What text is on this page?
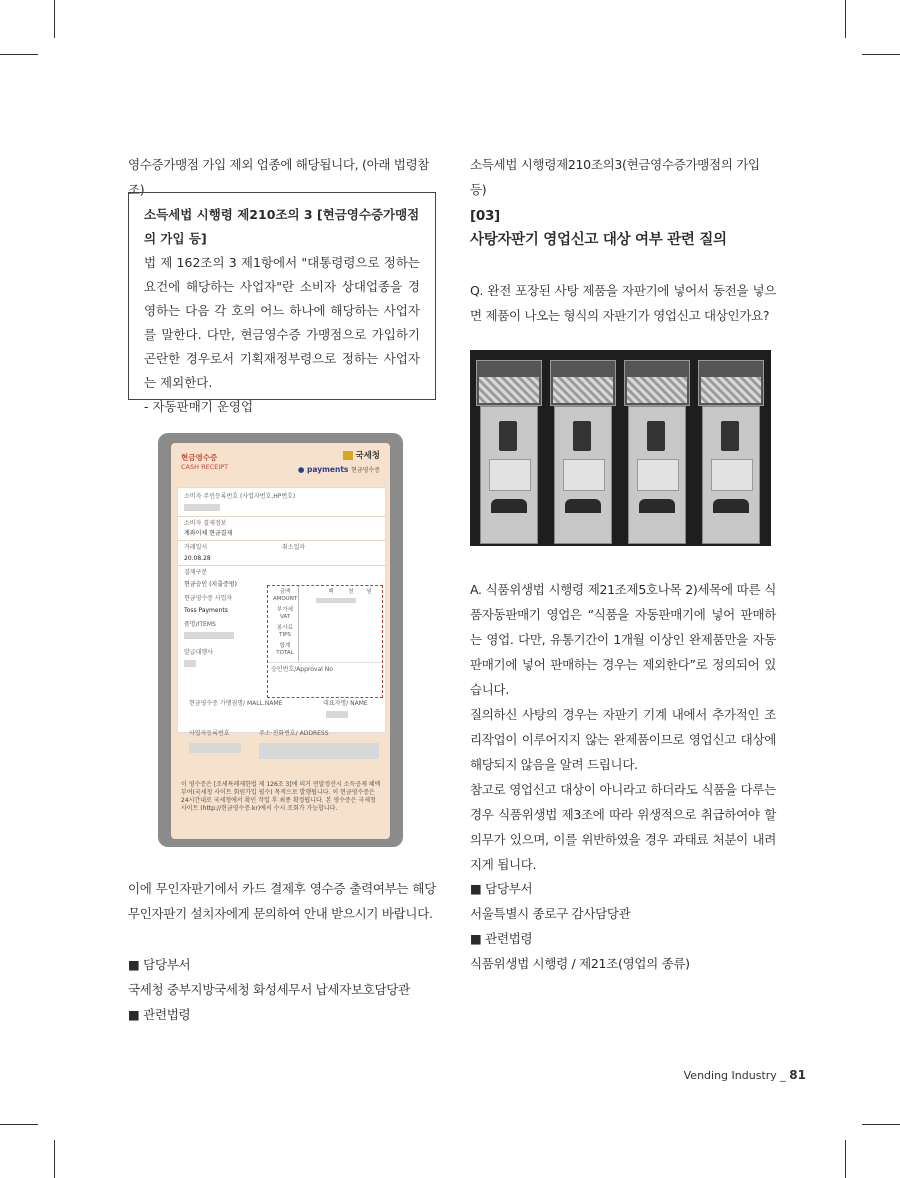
영수증가맹점 가입 제외 업종에 해당됩니다, (아래 법령참조)

소득세법 시행령 제210조의 3 [현금영수증가맹점의 가입 등]

법 제 162조의 3 제1항에서 "대통령령으로 정하는 요건에 해당하는 사업자"란 소비자 상대업종을 경영하는 다음 각 호의 어느 하나에 해당하는 사업자를 말한다. 다만, 현금영수증 가맹점으로 가입하기 곤란한 경우로서 기획재정부령으로 정하는 사업자는 제외한다.

- 자동판매기 운영업

현금영수증
CASH RECEIPT
국세청
● payments 현금영수증
소비자 주민등록번호 (사업자번호,HP번호)
소비자 결제정보
계좌이체 현금결제
거래일시	취소일자
20.08.28
결제구분
현금승인 (지출증빙)
현금영수증 사업자
Toss Payments
품명/ITEMS
발급대행사
금액
AMOUNT
부가세
VAT
봉사료
TIPS
합계
TOTAL
백	천	원
승인번호/Approval No
현금영수증 가맹점명/ MALL.NAME	대표자명/ NAME
사업자등록번호	주소·전화번호/ ADDRESS
이 영수증은 [조세특례제한법 제 126조 3]에 의거 연말정산시 소득공제 혜택부여(국세청 사이트 회원가입 필수) 목적으로 발행됩니다. 이 현금영수증은 24시간내로 국세청에서 확인 작업 후 최종 확정됩니다. 본 영수증은 국세청 사이트 (http://현금영수증.kr)에서 수시 조회가 가능합니다.

이에 무인자판기에서 카드 결제후 영수증 출력여부는 해당 무인자판기 설치자에게 문의하여 안내 받으시기 바랍니다.

■ 담당부서

국세청 중부지방국세청 화성세무서 납세자보호담당관

■ 관련법령

소득세법 시행령제210조의3(현금영수증가맹점의 가입 등)

[03]

사탕자판기 영업신고 대상 여부 관련 질의

Q. 완전 포장된 사탕 제품을 자판기에 넣어서 동전을 넣으면 제품이 나오는 형식의 자판기가 영업신고 대상인가요?

A. 식품위생법 시행령 제21조제5호나목 2)세목에 따른 식품자동판매기 영업은 “식품을 자동판매기에 넣어 판매하는 영업. 다만, 유통기간이 1개월 이상인 완제품만을 자동판매기에 넣어 판매하는 경우는 제외한다”로 정의되어 있습니다.

질의하신 사탕의 경우는 자판기 기계 내에서 추가적인 조리작업이 이루어지지 않는 완제품이므로 영업신고 대상에 해당되지 않음을 알려 드립니다.

참고로 영업신고 대상이 아니라고 하더라도 식품을 다루는 경우 식품위생법 제3조에 따라 위생적으로 취급하여야 할 의무가 있으며, 이를 위반하였을 경우 과태료 처분이 내려지게 됩니다.

■ 담당부서

서울특별시 종로구 감사담당관

■ 관련법령

식품위생법 시행령 / 제21조(영업의 종류)

Vending Industry _ 81
